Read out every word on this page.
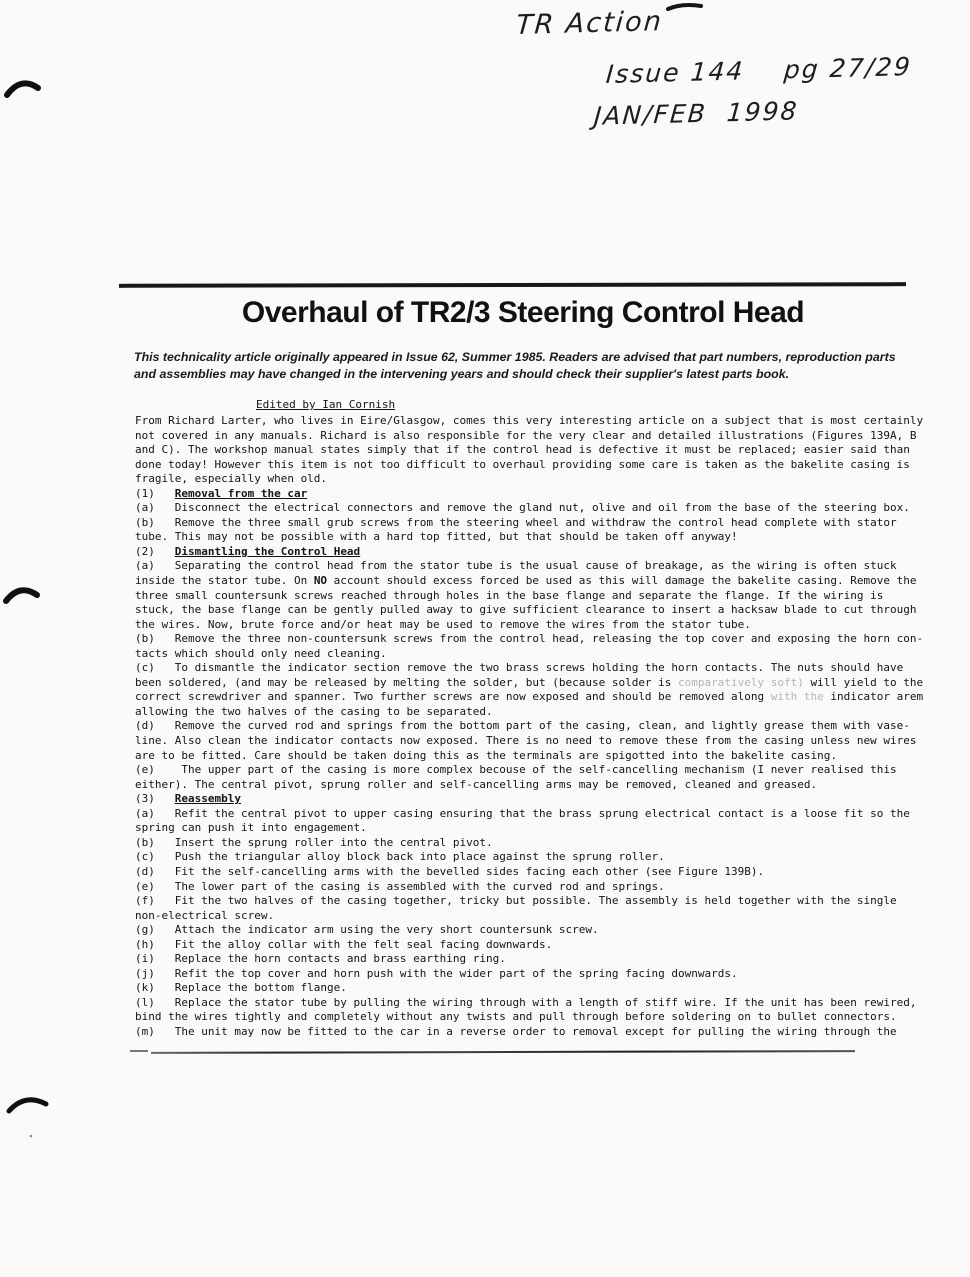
TR Action
Issue 144    pg 27/29
JAN/FEB  1998
Overhaul of TR2/3 Steering Control Head

This technicality article originally appeared in Issue 62, Summer 1985. Readers are advised that part numbers, reproduction parts and assemblies may have changed in the intervening years and should check their supplier's latest parts book.

Edited by Ian Cornish
From Richard Larter, who lives in Eire/Glasgow, comes this very interesting article on a subject that is most certainly
not covered in any manuals. Richard is also responsible for the very clear and detailed illustrations (Figures 139A, B
and C). The workshop manual states simply that if the control head is defective it must be replaced; easier said than
done today! However this item is not too difficult to overhaul providing some care is taken as the bakelite casing is
fragile, especially when old.
(1)   Removal from the car
(a)   Disconnect the electrical connectors and remove the gland nut, olive and oil from the base of the steering box.
(b)   Remove the three small grub screws from the steering wheel and withdraw the control head complete with stator
tube. This may not be possible with a hard top fitted, but that should be taken off anyway!
(2)   Dismantling the Control Head
(a)   Separating the control head from the stator tube is the usual cause of breakage, as the wiring is often stuck
inside the stator tube. On NO account should excess forced be used as this will damage the bakelite casing. Remove the
three small countersunk screws reached through holes in the base flange and separate the flange. If the wiring is
stuck, the base flange can be gently pulled away to give sufficient clearance to insert a hacksaw blade to cut through
the wires. Now, brute force and/or heat may be used to remove the wires from the stator tube.
(b)   Remove the three non-countersunk screws from the control head, releasing the top cover and exposing the horn con-
tacts which should only need cleaning.
(c)   To dismantle the indicator section remove the two brass screws holding the horn contacts. The nuts should have
been soldered, (and may be released by melting the solder, but (because solder is comparatively soft) will yield to the
correct screwdriver and spanner. Two further screws are now exposed and should be removed along with the indicator arem
allowing the two halves of the casing to be separated.
(d)   Remove the curved rod and springs from the bottom part of the casing, clean, and lightly grease them with vase-
line. Also clean the indicator contacts now exposed. There is no need to remove these from the casing unless new wires
are to be fitted. Care should be taken doing this as the terminals are spigotted into the bakelite casing.
(e)    The upper part of the casing is more complex becouse of the self-cancelling mechanism (I never realised this
either). The central pivot, sprung roller and self-cancelling arms may be removed, cleaned and greased.
(3)   Reassembly
(a)   Refit the central pivot to upper casing ensuring that the brass sprung electrical contact is a loose fit so the
spring can push it into engagement.
(b)   Insert the sprung roller into the central pivot.
(c)   Push the triangular alloy block back into place against the sprung roller.
(d)   Fit the self-cancelling arms with the bevelled sides facing each other (see Figure 139B).
(e)   The lower part of the casing is assembled with the curved rod and springs.
(f)   Fit the two halves of the casing together, tricky but possible. The assembly is held together with the single
non-electrical screw.
(g)   Attach the indicator arm using the very short countersunk screw.
(h)   Fit the alloy collar with the felt seal facing downwards.
(i)   Replace the horn contacts and brass earthing ring.
(j)   Refit the top cover and horn push with the wider part of the spring facing downwards.
(k)   Replace the bottom flange.
(l)   Replace the stator tube by pulling the wiring through with a length of stiff wire. If the unit has been rewired,
bind the wires tightly and completely without any twists and pull through before soldering on to bullet connectors.
(m)   The unit may now be fitted to the car in a reverse order to removal except for pulling the wiring through the
